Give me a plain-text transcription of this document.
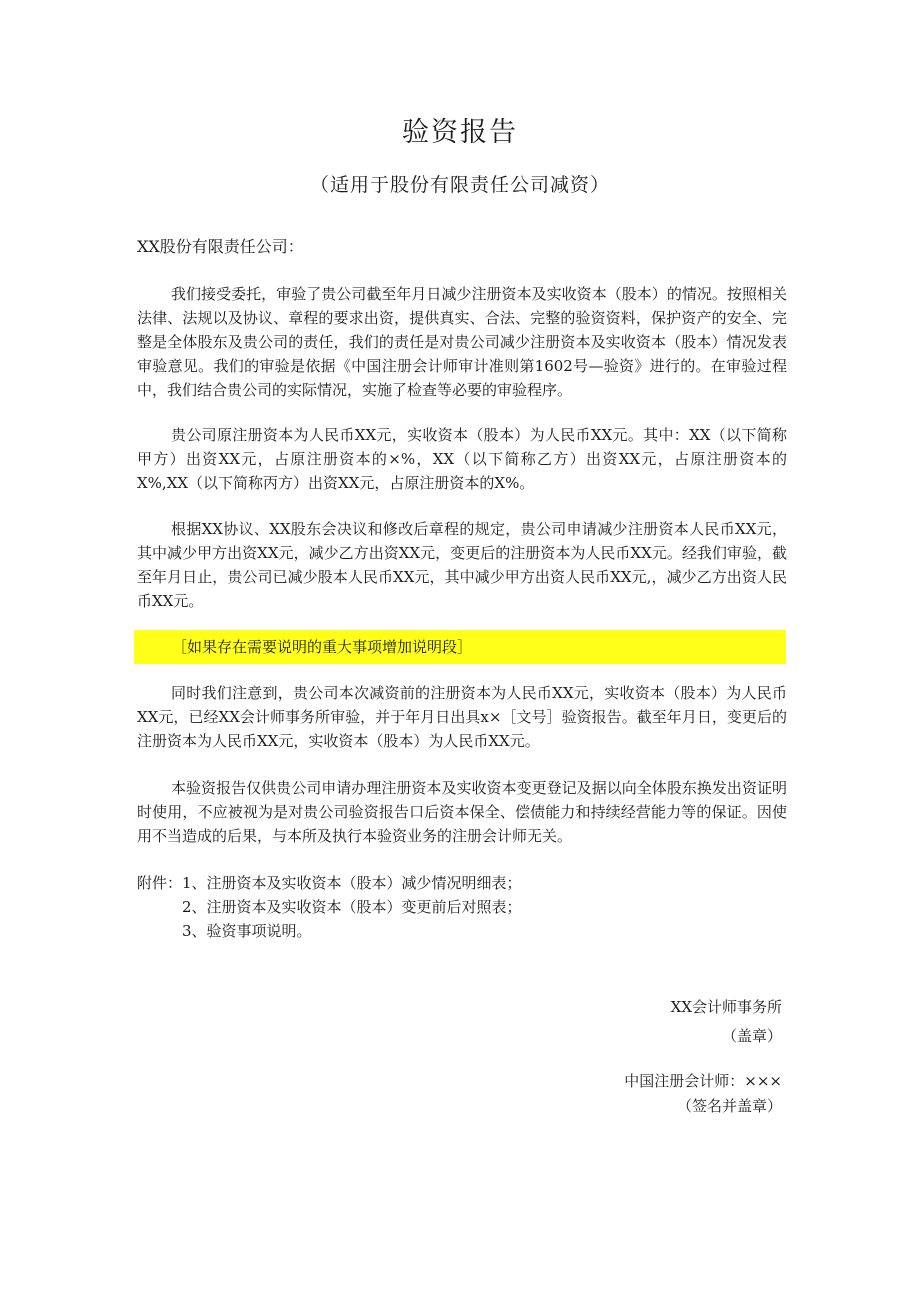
验资报告
（适用于股份有限责任公司减资）
XX股份有限责任公司：

我们接受委托，审验了贵公司截至年月日减少注册资本及实收资本（股本）的情况。按照相关法律、法规以及协议、章程的要求出资，提供真实、合法、完整的验资资料，保护资产的安全、完整是全体股东及贵公司的责任，我们的责任是对贵公司减少注册资本及实收资本（股本）情况发表审验意见。我们的审验是依据《中国注册会计师审计准则第1602号—验资》进行的。在审验过程中，我们结合贵公司的实际情况，实施了检查等必要的审验程序。

贵公司原注册资本为人民币XX元，实收资本（股本）为人民币XX元。其中：XX（以下简称甲方）出资XX元，占原注册资本的×%，XX（以下简称乙方）出资XX元，占原注册资本的X%,XX（以下简称丙方）出资XX元，占原注册资本的X%。

根据XX协议、XX股东会决议和修改后章程的规定，贵公司申请减少注册资本人民币XX元，其中减少甲方出资XX元，减少乙方出资XX元，变更后的注册资本为人民币XX元。经我们审验，截至年月日止，贵公司已减少股本人民币XX元，其中减少甲方出资人民币XX元,，减少乙方出资人民币XX元。

［如果存在需要说明的重大事项增加说明段］

同时我们注意到，贵公司本次减资前的注册资本为人民币XX元，实收资本（股本）为人民币XX元，已经XX会计师事务所审验，并于年月日出具x×［文号］验资报告。截至年月日，变更后的注册资本为人民币XX元，实收资本（股本）为人民币XX元。

本验资报告仅供贵公司申请办理注册资本及实收资本变更登记及据以向全体股东换发出资证明时使用，不应被视为是对贵公司验资报告口后资本保全、偿债能力和持续经营能力等的保证。因使用不当造成的后果，与本所及执行本验资业务的注册会计师无关。

附件： 1、注册资本及实收资本（股本）减少情况明细表；
2、注册资本及实收资本（股本）变更前后对照表；
3、验资事项说明。
XX会计师事务所
（盖章）
中国注册会计师：×××
（签名并盖章）
